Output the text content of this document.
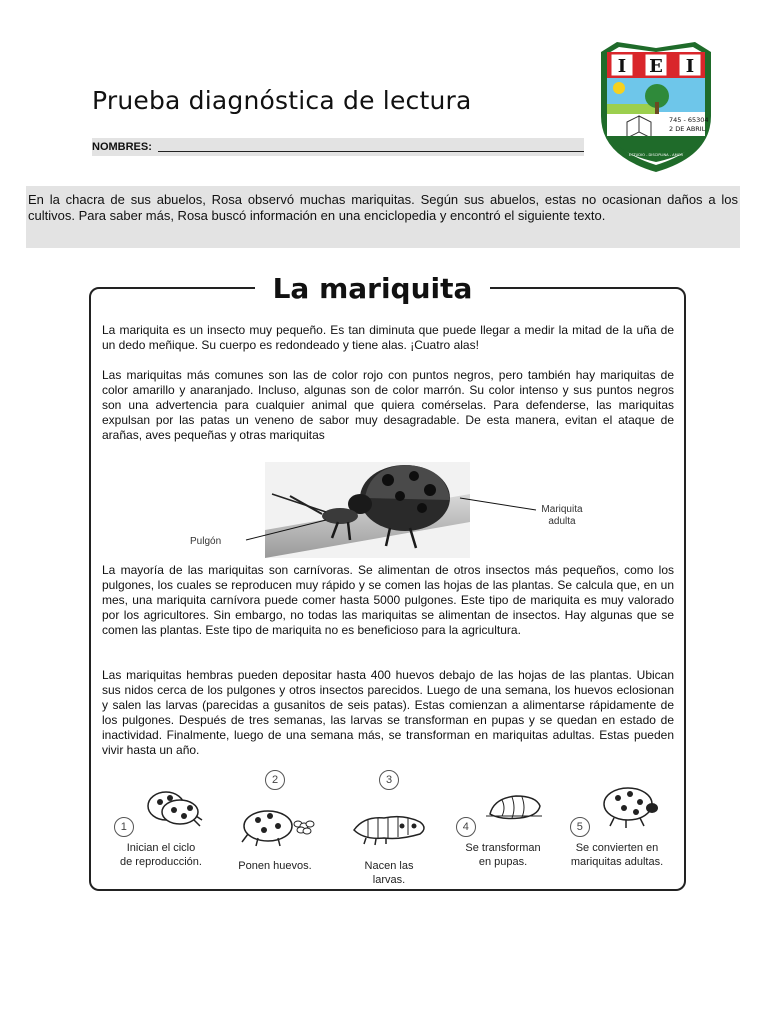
Prueba diagnóstica de lectura
NOMBRES:
I E I
745 - 65304
2 DE ABRIL
ESTUDIO - DISCIPLINA - AMOR
En la chacra de sus abuelos, Rosa observó muchas mariquitas. Según sus abuelos, estas no ocasionan daños a los cultivos. Para saber más, Rosa buscó información en una enciclopedia y encontró el siguiente texto.
La mariquita
La mariquita es un insecto muy pequeño. Es tan diminuta que puede llegar a medir la mitad de la uña de un dedo meñique. Su cuerpo es redondeado y tiene alas. ¡Cuatro alas!
Las mariquitas más comunes son las de color rojo con puntos negros, pero también hay mariquitas de color amarillo y anaranjado. Incluso, algunas son de color marrón. Su color intenso y sus puntos negros son una advertencia para cualquier animal que quiera comérselas. Para defenderse, las mariquitas expulsan por las patas un veneno de sabor muy desagradable. De esta manera, evitan el ataque de arañas, aves pequeñas y otras mariquitas
Pulgón
Mariquita
adulta
La mayoría de las mariquitas son carnívoras. Se alimentan de otros insectos más pequeños, como los pulgones, los cuales se reproducen muy rápido y se comen las hojas de las plantas. Se calcula que, en un mes, una mariquita carnívora puede comer hasta 5000 pulgones. Este tipo de mariquita es muy valorado por los agricultores. Sin embargo, no todas las mariquitas se alimentan de insectos. Hay algunas que se comen las plantas. Este tipo de mariquita no es beneficioso para la agricultura.
Las mariquitas hembras pueden depositar hasta 400 huevos debajo de las hojas de las plantas. Ubican sus nidos cerca de los pulgones y otros insectos parecidos. Luego de una semana, los huevos eclosionan y salen las larvas (parecidas a gusanitos de seis patas). Estas comienzan a alimentarse rápidamente de los pulgones. Después de tres semanas, las larvas se transforman en pupas y se quedan en estado de inactividad. Finalmente, luego de una semana más, se transforman en mariquitas adultas. Estas pueden vivir hasta un año.
1
Inician el ciclo
de reproducción.
2
Ponen huevos.
3
Nacen las
larvas.
4
Se transforman
en pupas.
5
Se convierten en
mariquitas adultas.
